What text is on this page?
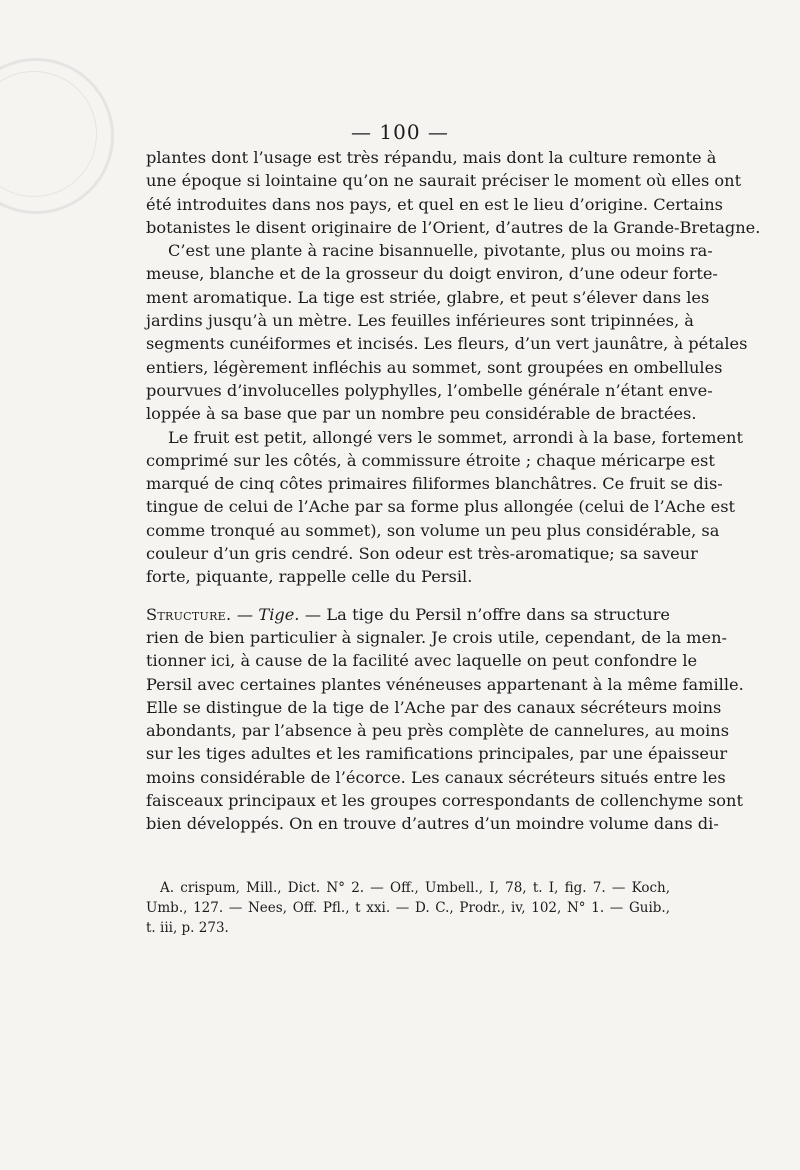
— 100 —
plantes dont l’usage est très répandu, mais dont la culture remonte à
une époque si lointaine qu’on ne saurait préciser le moment où elles ont
été introduites dans nos pays, et quel en est le lieu d’origine. Certains
botanistes le disent originaire de l’Orient, d’autres de la Grande-Bretagne.
C’est une plante à racine bisannuelle, pivotante, plus ou moins ra-
meuse, blanche et de la grosseur du doigt environ, d’une odeur forte-
ment aromatique. La tige est striée, glabre, et peut s’élever dans les
jardins jusqu’à un mètre. Les feuilles inférieures sont tripinnées, à
segments cunéiformes et incisés. Les fleurs, d’un vert jaunâtre, à pétales
entiers, légèrement infléchis au sommet, sont groupées en ombellules
pourvues d’involucelles polyphylles, l’ombelle générale n’étant enve-
loppée à sa base que par un nombre peu considérable de bractées.
Le fruit est petit, allongé vers le sommet, arrondi à la base, fortement
comprimé sur les côtés, à commissure étroite ; chaque méricarpe est
marqué de cinq côtes primaires filiformes blanchâtres. Ce fruit se dis-
tingue de celui de l’Ache par sa forme plus allongée (celui de l’Ache est
comme tronqué au sommet), son volume un peu plus considérable, sa
couleur d’un gris cendré. Son odeur est très-aromatique; sa saveur
forte, piquante, rappelle celle du Persil.
Structure. — Tige. — La tige du Persil n’offre dans sa structure
rien de bien particulier à signaler. Je crois utile, cependant, de la men-
tionner ici, à cause de la facilité avec laquelle on peut confondre le
Persil avec certaines plantes vénéneuses appartenant à la même famille.
Elle se distingue de la tige de l’Ache par des canaux sécréteurs moins
abondants, par l’absence à peu près complète de cannelures, au moins
sur les tiges adultes et les ramifications principales, par une épaisseur
moins considérable de l’écorce. Les canaux sécréteurs situés entre les
faisceaux principaux et les groupes correspondants de collenchyme sont
bien développés. On en trouve d’autres d’un moindre volume dans di-
A. crispum, Mill., Dict. N° 2. — Off., Umbell., I, 78, t. I, fig. 7. — Koch,
Umb., 127. — Nees, Off. Pfl., t xxi. — D. C., Prodr., iv, 102, N° 1. — Guib.,
t. iii, p. 273.
